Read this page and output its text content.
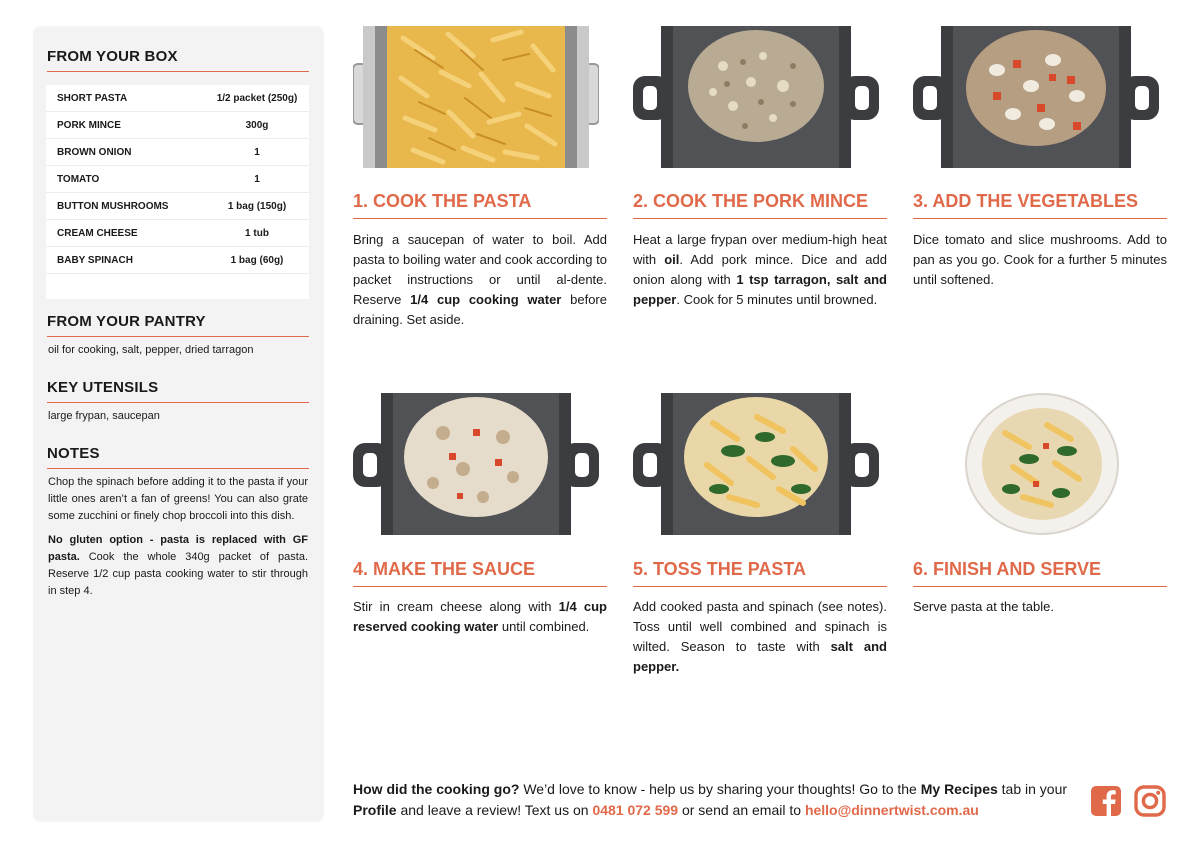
FROM YOUR BOX
SHORT PASTA	1/2 packet (250g)
PORK MINCE	300g
BROWN ONION	1
TOMATO	1
BUTTON MUSHROOMS	1 bag (150g)
CREAM CHEESE	1 tub
BABY SPINACH	1 bag (60g)

FROM YOUR PANTRY

oil for cooking, salt, pepper, dried tarragon

KEY UTENSILS

large frypan, saucepan

NOTES

Chop the spinach before adding it to the pasta if your little ones aren’t a fan of greens! You can also grate some zucchini or finely chop broccoli into this dish.

No gluten option - pasta is replaced with GF pasta. Cook the whole 340g packet of pasta. Reserve 1/2 cup pasta cooking water to stir through in step 4.

1. COOK THE PASTA

Bring a saucepan of water to boil. Add pasta to boiling water and cook according to packet instructions or until al-dente. Reserve 1/4 cup cooking water before draining. Set aside.

2. COOK THE PORK MINCE

Heat a large frypan over medium-high heat with oil. Add pork mince. Dice and add onion along with 1 tsp tarragon, salt and pepper. Cook for 5 minutes until browned.

3. ADD THE VEGETABLES

Dice tomato and slice mushrooms. Add to pan as you go. Cook for a further 5 minutes until softened.

4. MAKE THE SAUCE

Stir in cream cheese along with 1/4 cup reserved cooking water until combined.

5. TOSS THE PASTA

Add cooked pasta and spinach (see notes). Toss until well combined and spinach is wilted. Season to taste with salt and pepper.

6. FINISH AND SERVE

Serve pasta at the table.

How did the cooking go? We’d love to know - help us by sharing your thoughts! Go to the My Recipes tab in your Profile and leave a review! Text us on 0481 072 599 or send an email to hello@dinnertwist.com.au
